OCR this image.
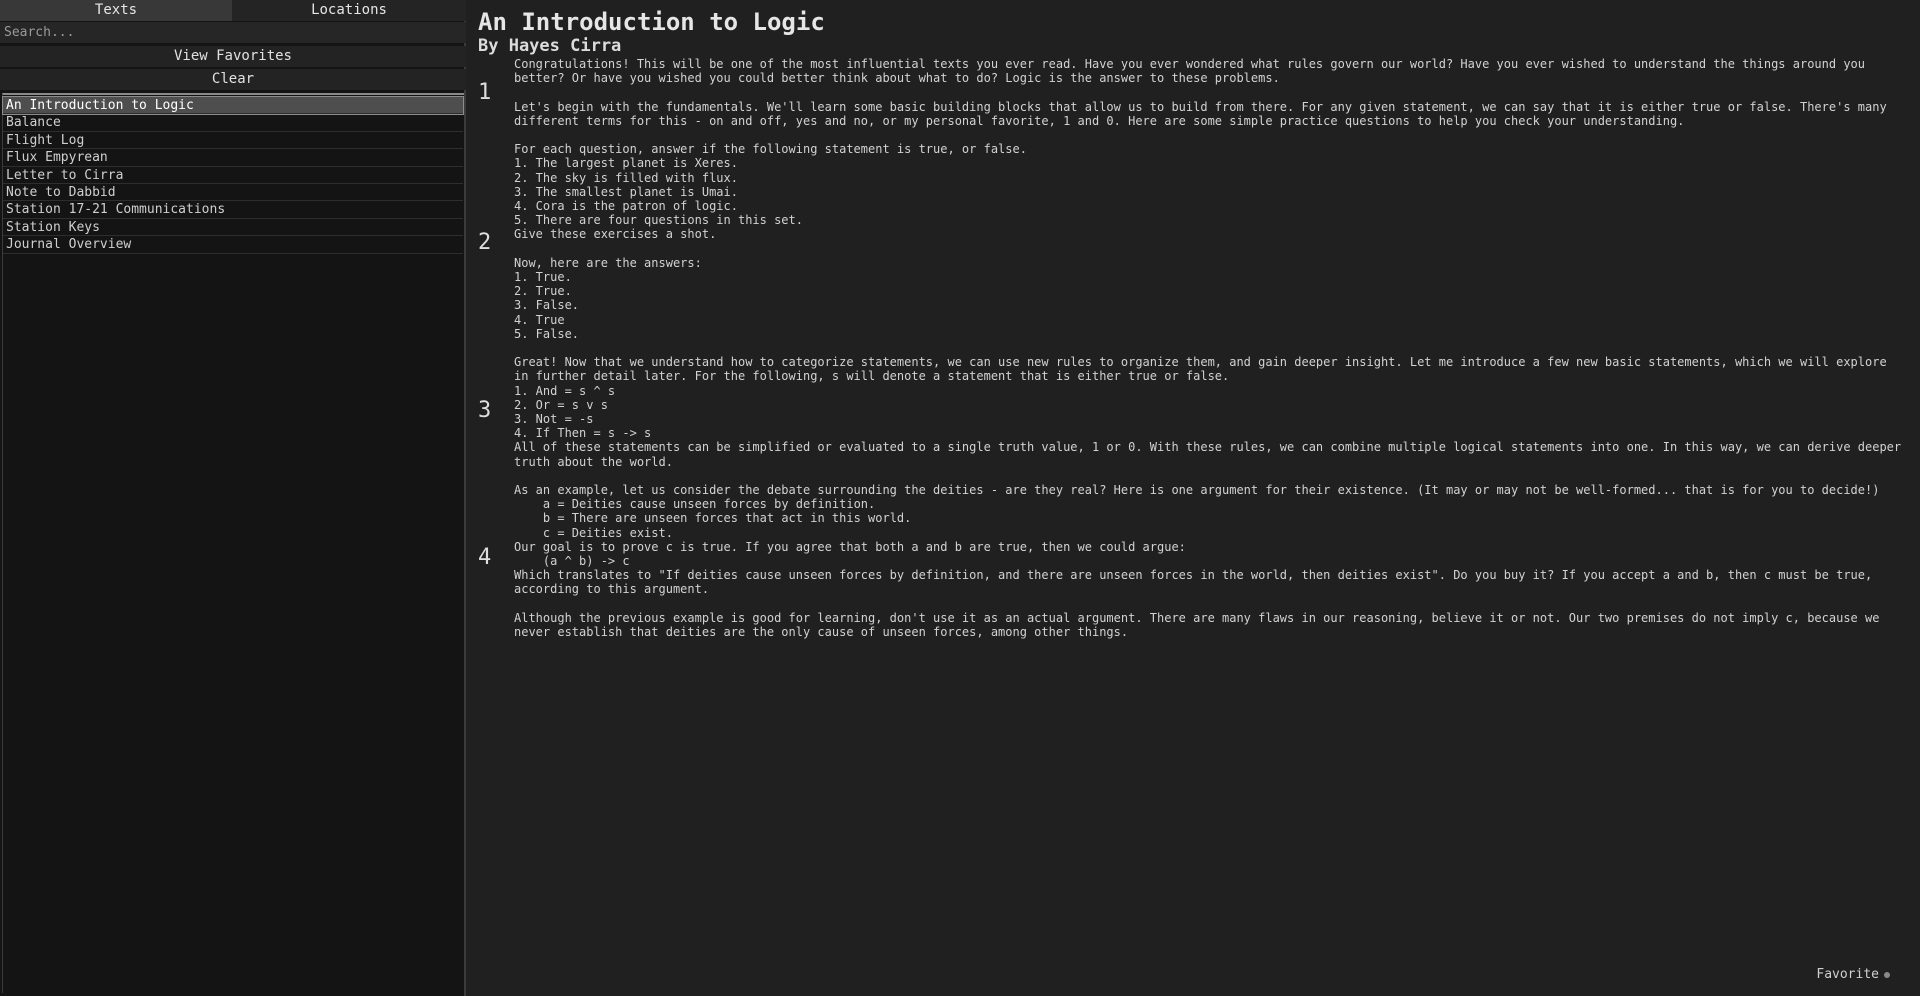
Texts	Locations
Search...
View Favorites
Clear
An Introduction to Logic
Balance
Flight Log
Flux Empyrean
Letter to Cirra
Note to Dabbid
Station 17-21 Communications
Station Keys
Journal Overview
An Introduction to Logic
By Hayes Cirra
1
2
3
4
Congratulations! This will be one of the most influential texts you ever read. Have you ever wondered what rules govern our world? Have you ever wished to understand the things around you better? Or have you wished you could better think about what to do? Logic is the answer to these problems.
Let's begin with the fundamentals. We'll learn some basic building blocks that allow us to build from there. For any given statement, we can say that it is either true or false. There's many different terms for this - on and off, yes and no, or my personal favorite, 1 and 0. Here are some simple practice questions to help you check your understanding.
For each question, answer if the following statement is true, or false.
1. The largest planet is Xeres.
2. The sky is filled with flux.
3. The smallest planet is Umai.
4. Cora is the patron of logic.
5. There are four questions in this set.
Give these exercises a shot.
Now, here are the answers:
1. True.
2. True.
3. False.
4. True
5. False.
Great! Now that we understand how to categorize statements, we can use new rules to organize them, and gain deeper insight. Let me introduce a few new basic statements, which we will explore in further detail later. For the following, s will denote a statement that is either true or false.
1. And = s ^ s
2. Or = s v s
3. Not = -s
4. If Then = s -> s
All of these statements can be simplified or evaluated to a single truth value, 1 or 0. With these rules, we can combine multiple logical statements into one. In this way, we can derive deeper truth about the world.
As an example, let us consider the debate surrounding the deities - are they real? Here is one argument for their existence. (It may or may not be well-formed... that is for you to decide!)
a = Deities cause unseen forces by definition.
b = There are unseen forces that act in this world.
c = Deities exist.
Our goal is to prove c is true. If you agree that both a and b are true, then we could argue:
(a ^ b) -> c
Which translates to "If deities cause unseen forces by definition, and there are unseen forces in the world, then deities exist". Do you buy it? If you accept a and b, then c must be true, according to this argument.
Although the previous example is good for learning, don't use it as an actual argument. There are many flaws in our reasoning, believe it or not. Our two premises do not imply c, because we never establish that deities are the only cause of unseen forces, among other things.
Favorite
